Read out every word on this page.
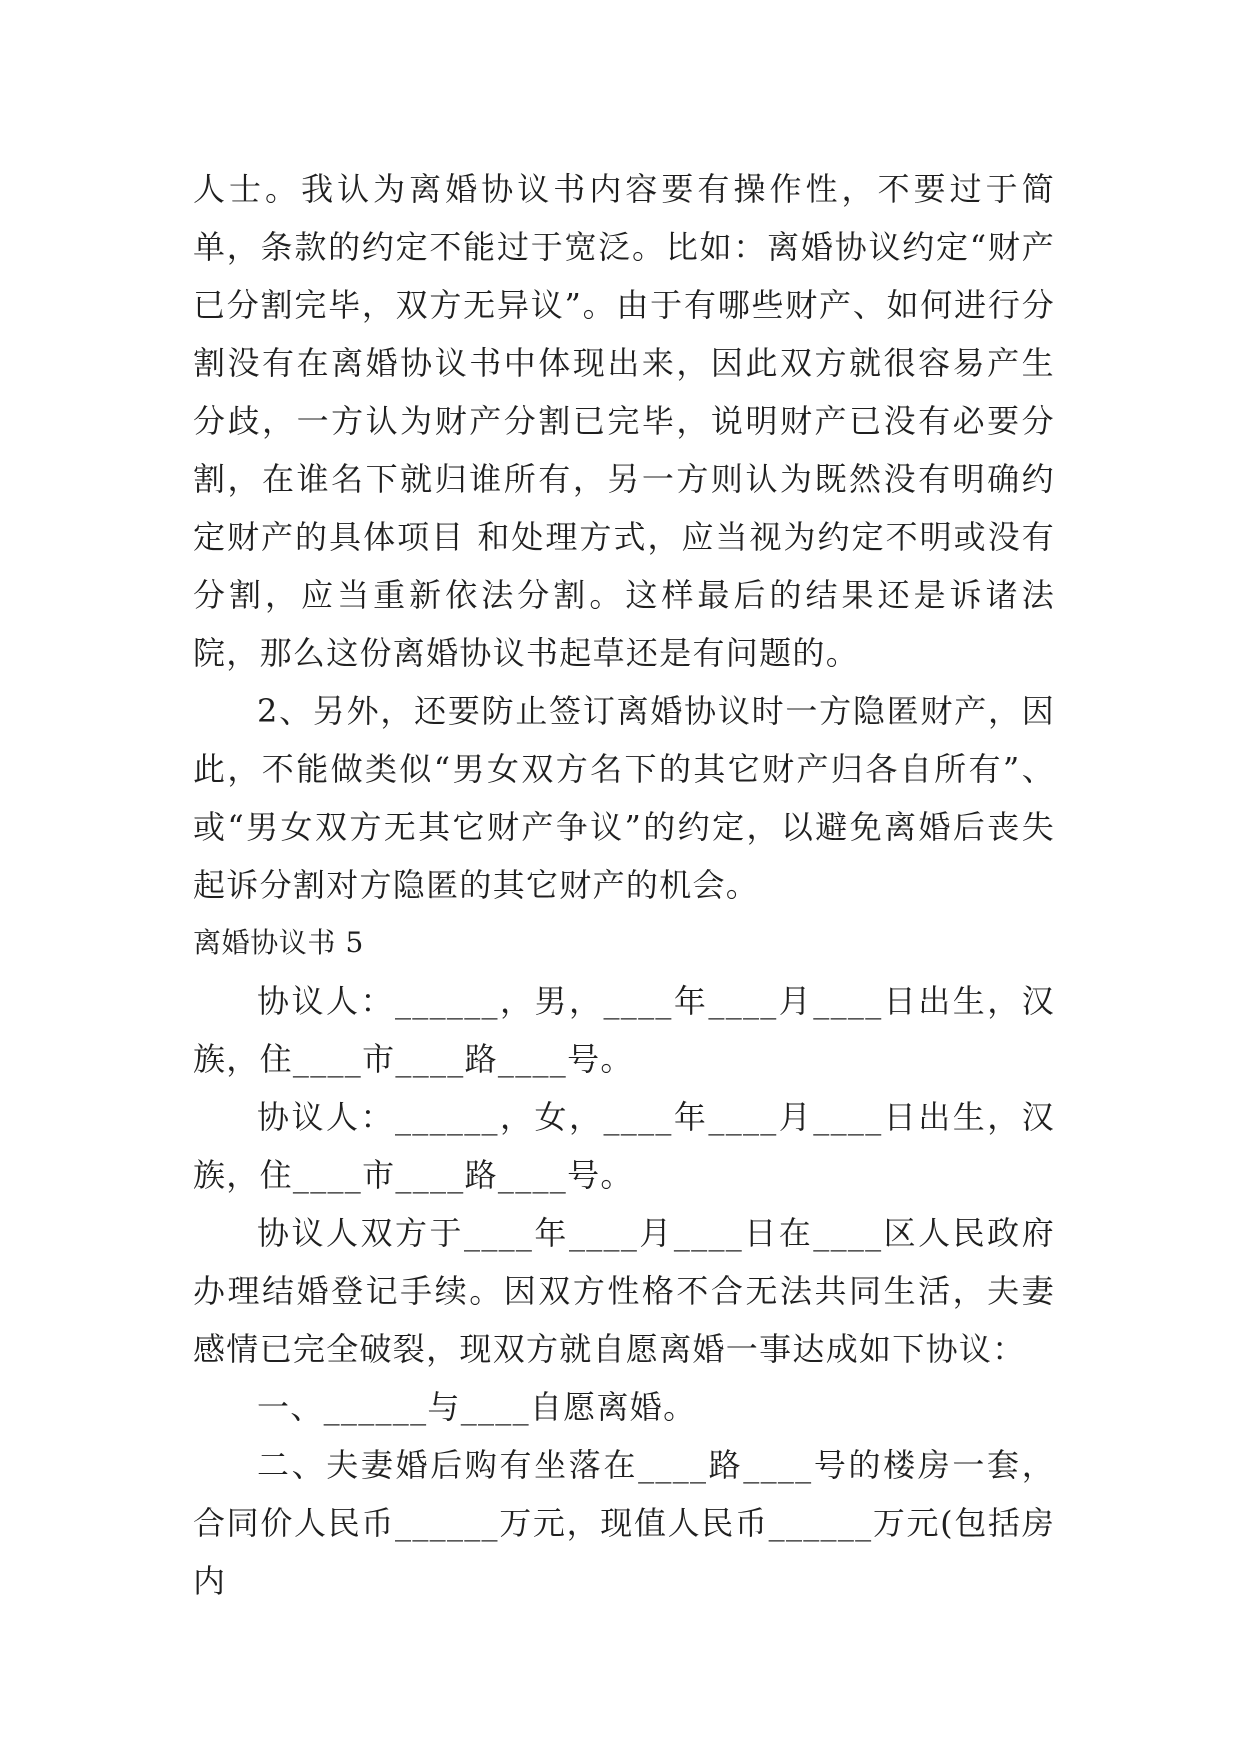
人士。我认为离婚协议书内容要有操作性，不要过于简单，条款的约定不能过于宽泛。比如：离婚协议约定“财产已分割完毕，双方无异议”。由于有哪些财产、如何进行分割没有在离婚协议书中体现出来，因此双方就很容易产生分歧，一方认为财产分割已完毕，说明财产已没有必要分割，在谁名下就归谁所有，另一方则认为既然没有明确约定财产的具体项目 和处理方式，应当视为约定不明或没有分割，应当重新依法分割。这样最后的结果还是诉诸法院，那么这份离婚协议书起草还是有问题的。

2、另外，还要防止签订离婚协议时一方隐匿财产，因此，不能做类似“男女双方名下的其它财产归各自所有”、或“男女双方无其它财产争议”的约定，以避免离婚后丧失起诉分割对方隐匿的其它财产的机会。

离婚协议书 5

协议人：______，男，____年____月____日出生，汉族，住____市____路____号。

协议人：______，女，____年____月____日出生，汉族，住____市____路____号。

协议人双方于____年____月____日在____区人民政府办理结婚登记手续。因双方性格不合无法共同生活，夫妻感情已完全破裂，现双方就自愿离婚一事达成如下协议：

一、______与____自愿离婚。

二、夫妻婚后购有坐落在____路____号的楼房一套，合同价人民币______万元，现值人民币______万元(包括房内
